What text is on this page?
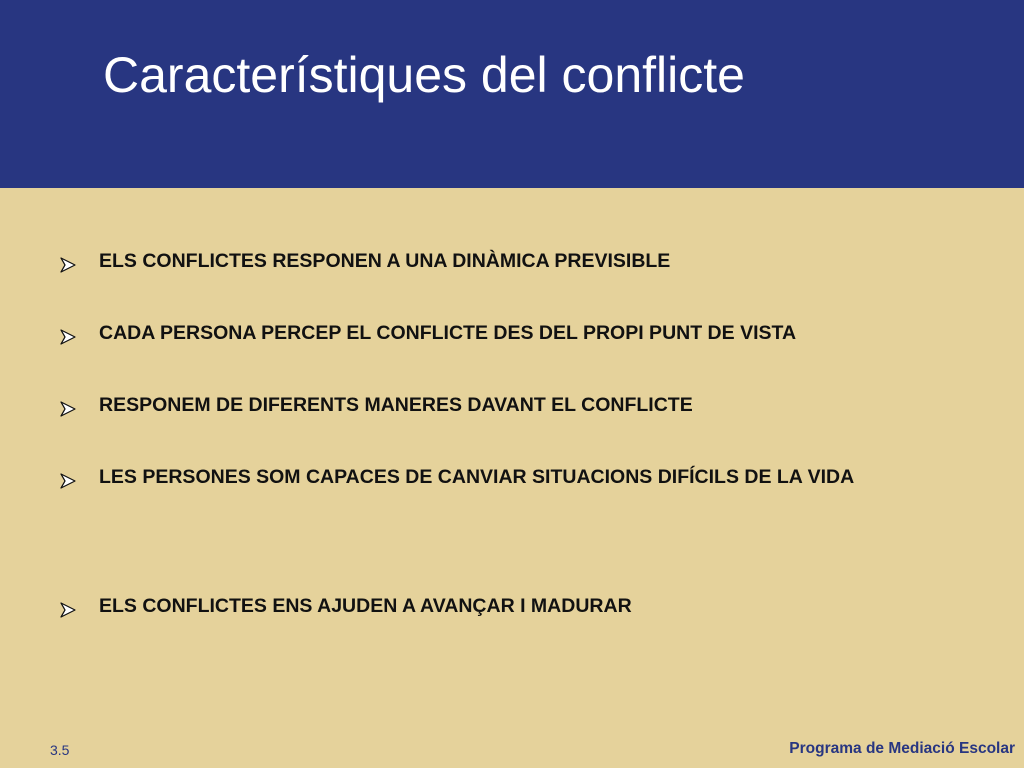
Característiques del conflicte
ELS CONFLICTES RESPONEN A UNA DINÀMICA PREVISIBLE
CADA PERSONA PERCEP EL CONFLICTE DES DEL PROPI PUNT DE VISTA
RESPONEM DE DIFERENTS MANERES DAVANT EL CONFLICTE
LES PERSONES SOM CAPACES DE CANVIAR SITUACIONS DIFÍCILS DE LA VIDA
ELS CONFLICTES ENS AJUDEN A AVANÇAR I MADURAR
3.5	Programa de Mediació Escolar
